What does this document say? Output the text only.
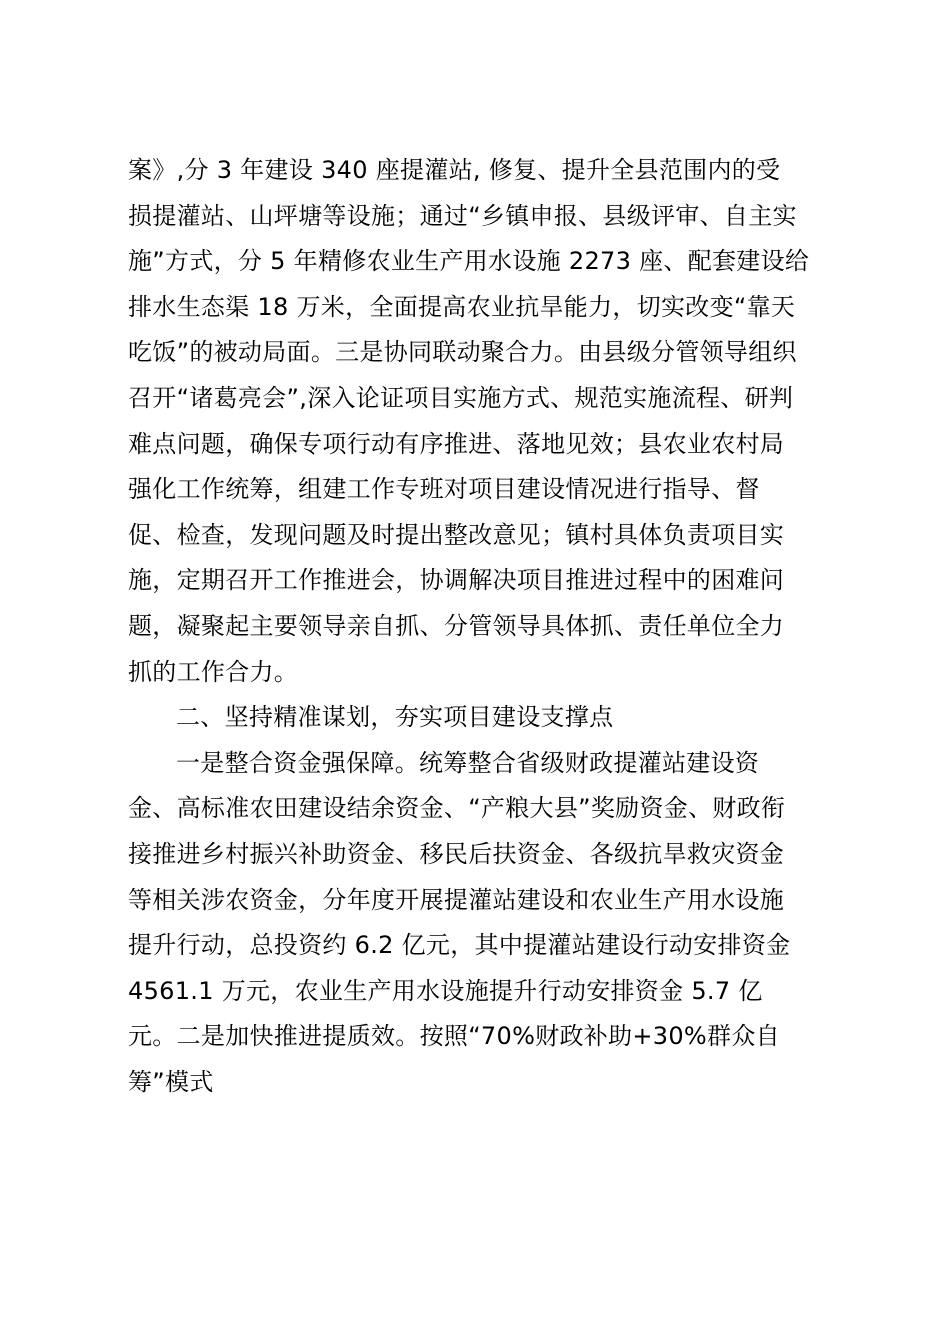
案》,分 3 年建设 340 座提灌站, 修复、提升全县范围内的受
损提灌站、山坪塘等设施；通过“乡镇申报、县级评审、自主实
施”方式，分 5 年精修农业生产用水设施 2273 座、配套建设给
排水生态渠 18 万米，全面提高农业抗旱能力，切实改变“靠天
吃饭”的被动局面。三是协同联动聚合力。由县级分管领导组织
召开“诸葛亮会”,深入论证项目实施方式、规范实施流程、研判
难点问题，确保专项行动有序推进、落地见效；县农业农村局
强化工作统筹，组建工作专班对项目建设情况进行指导、督
促、检查，发现问题及时提出整改意见；镇村具体负责项目实
施，定期召开工作推进会，协调解决项目推进过程中的困难问
题，凝聚起主要领导亲自抓、分管领导具体抓、责任单位全力
抓的工作合力。
二、坚持精准谋划，夯实项目建设支撑点
一是整合资金强保障。统筹整合省级财政提灌站建设资
金、高标准农田建设结余资金、“产粮大县”奖励资金、财政衔
接推进乡村振兴补助资金、移民后扶资金、各级抗旱救灾资金
等相关涉农资金，分年度开展提灌站建设和农业生产用水设施
提升行动，总投资约 6.2 亿元，其中提灌站建设行动安排资金
4561.1 万元，农业生产用水设施提升行动安排资金 5.7 亿
元。二是加快推进提质效。按照“70%财政补助+30%群众自
筹”模式
